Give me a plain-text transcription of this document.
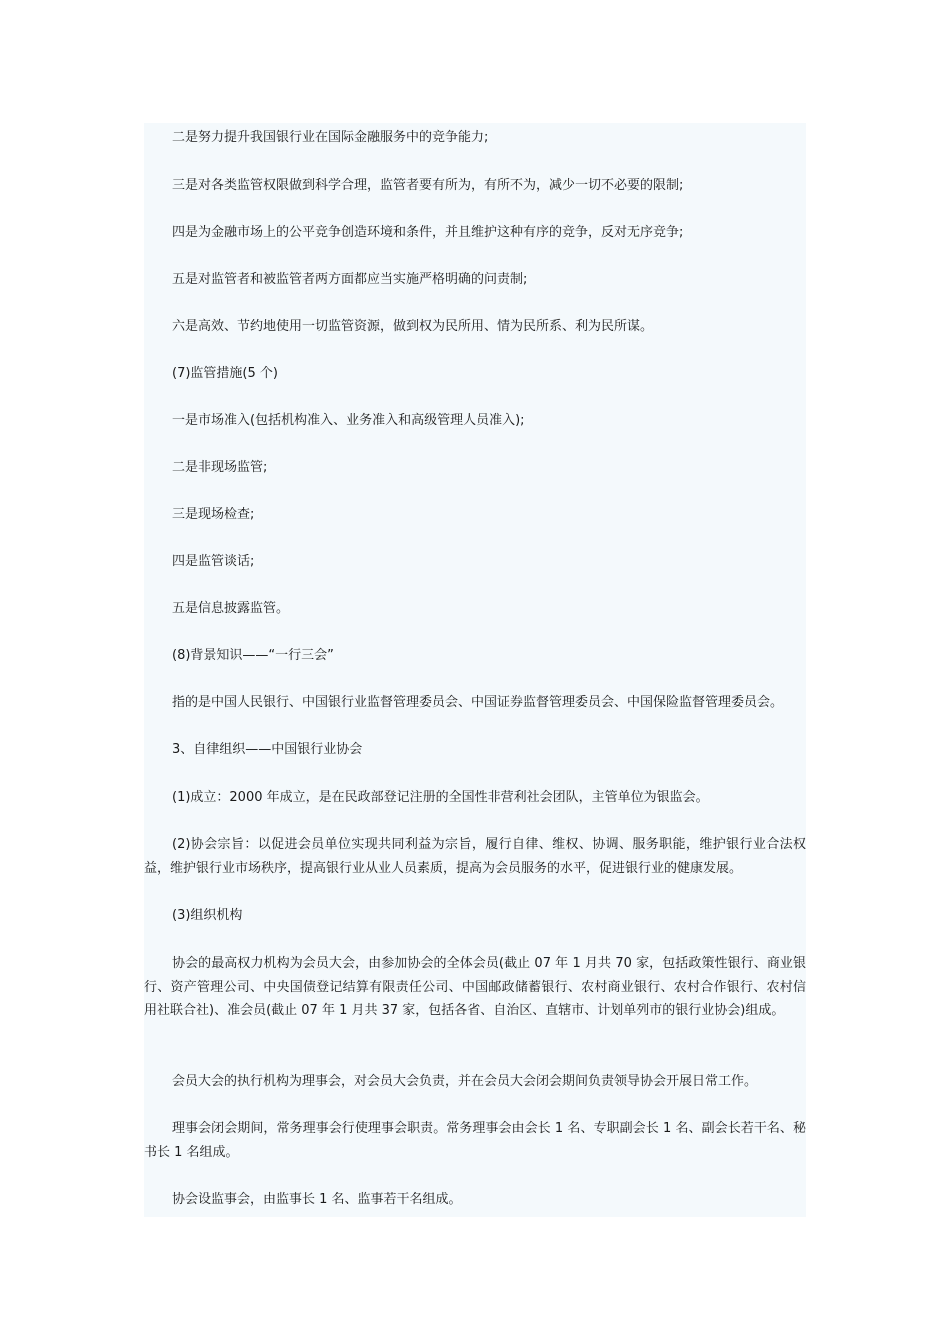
二是努力提升我国银行业在国际金融服务中的竞争能力;

三是对各类监管权限做到科学合理，监管者要有所为，有所不为，减少一切不必要的限制;

四是为金融市场上的公平竞争创造环境和条件，并且维护这种有序的竞争，反对无序竞争;

五是对监管者和被监管者两方面都应当实施严格明确的问责制;

六是高效、节约地使用一切监管资源，做到权为民所用、情为民所系、利为民所谋。

(7)监管措施(5 个)

一是市场准入(包括机构准入、业务准入和高级管理人员准入);

二是非现场监管;

三是现场检查;

四是监管谈话;

五是信息披露监管。

(8)背景知识——“一行三会”

指的是中国人民银行、中国银行业监督管理委员会、中国证券监督管理委员会、中国保险监督管理委员会。

3、自律组织——中国银行业协会

(1)成立：2000 年成立，是在民政部登记注册的全国性非营利社会团队，主管单位为银监会。

(2)协会宗旨：以促进会员单位实现共同利益为宗旨，履行自律、维权、协调、服务职能，维护银行业合法权益，维护银行业市场秩序，提高银行业从业人员素质，提高为会员服务的水平，促进银行业的健康发展。

(3)组织机构

协会的最高权力机构为会员大会，由参加协会的全体会员(截止 07 年 1 月共 70 家，包括政策性银行、商业银行、资产管理公司、中央国债登记结算有限责任公司、中国邮政储蓄银行、农村商业银行、农村合作银行、农村信用社联合社)、准会员(截止 07 年 1 月共 37 家，包括各省、自治区、直辖市、计划单列市的银行业协会)组成。

会员大会的执行机构为理事会，对会员大会负责，并在会员大会闭会期间负责领导协会开展日常工作。

理事会闭会期间，常务理事会行使理事会职责。常务理事会由会长 1 名、专职副会长 1 名、副会长若干名、秘书长 1 名组成。

协会设监事会，由监事长 1 名、监事若干名组成。
